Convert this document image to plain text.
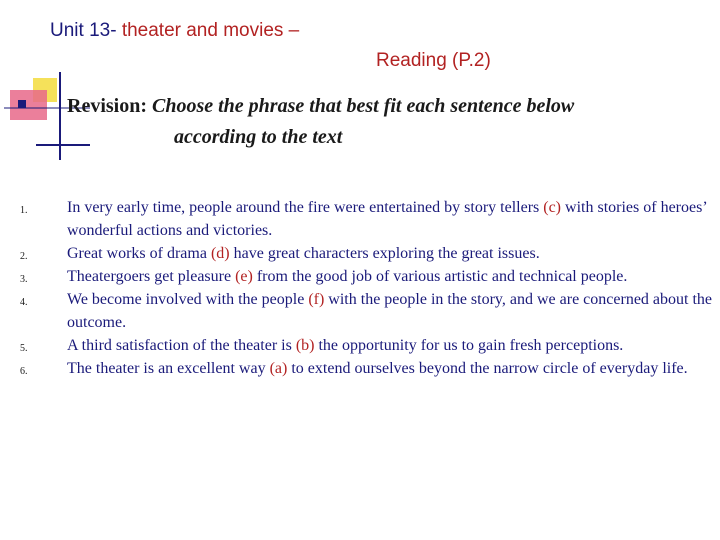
Unit 13- theater and movies –
Reading (P.2)
Revision: Choose the phrase that best fit each sentence below
according to the text
1. In very early time, people around the fire were entertained by story tellers (c) with stories of heroes’ wonderful actions and victories.
2. Great works of drama (d) have great characters exploring the great issues.
3. Theatergoers get pleasure (e) from the good job of various artistic and technical people.
4. We become involved with the people (f) with the people in the story, and we are concerned about the outcome.
5. A third satisfaction of the theater is (b) the opportunity for us to gain fresh perceptions.
6. The theater is an excellent way (a) to extend ourselves beyond the narrow circle of everyday life.
